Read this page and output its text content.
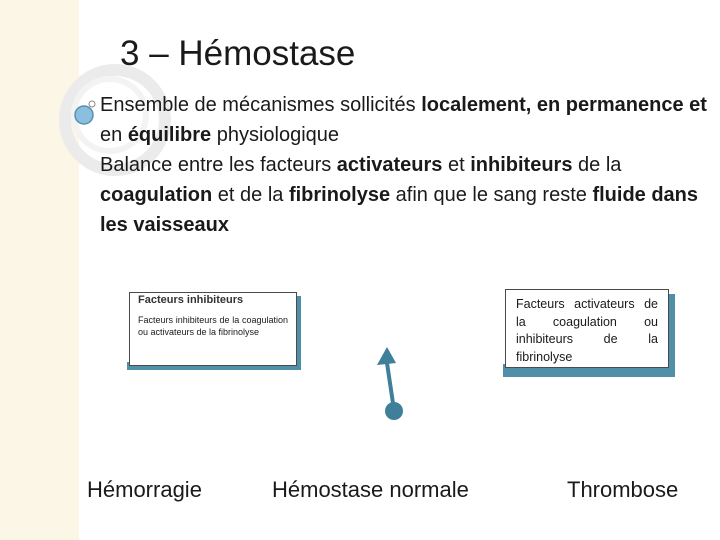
3 – Hémostase

Ensemble de mécanismes sollicités localement, en permanence et en équilibre physiologique

Balance entre les facteurs activateurs et inhibiteurs de la coagulation et de la fibrinolyse afin que le sang reste fluide dans les vaisseaux

Facteurs inhibiteurs
Facteurs inhibiteurs de la coagulation ou activateurs de la fibrinolyse
Facteurs activateurs de la coagulation ou inhibiteurs de la fibrinolyse
Hémorragie	Hémostase normale	Thrombose
